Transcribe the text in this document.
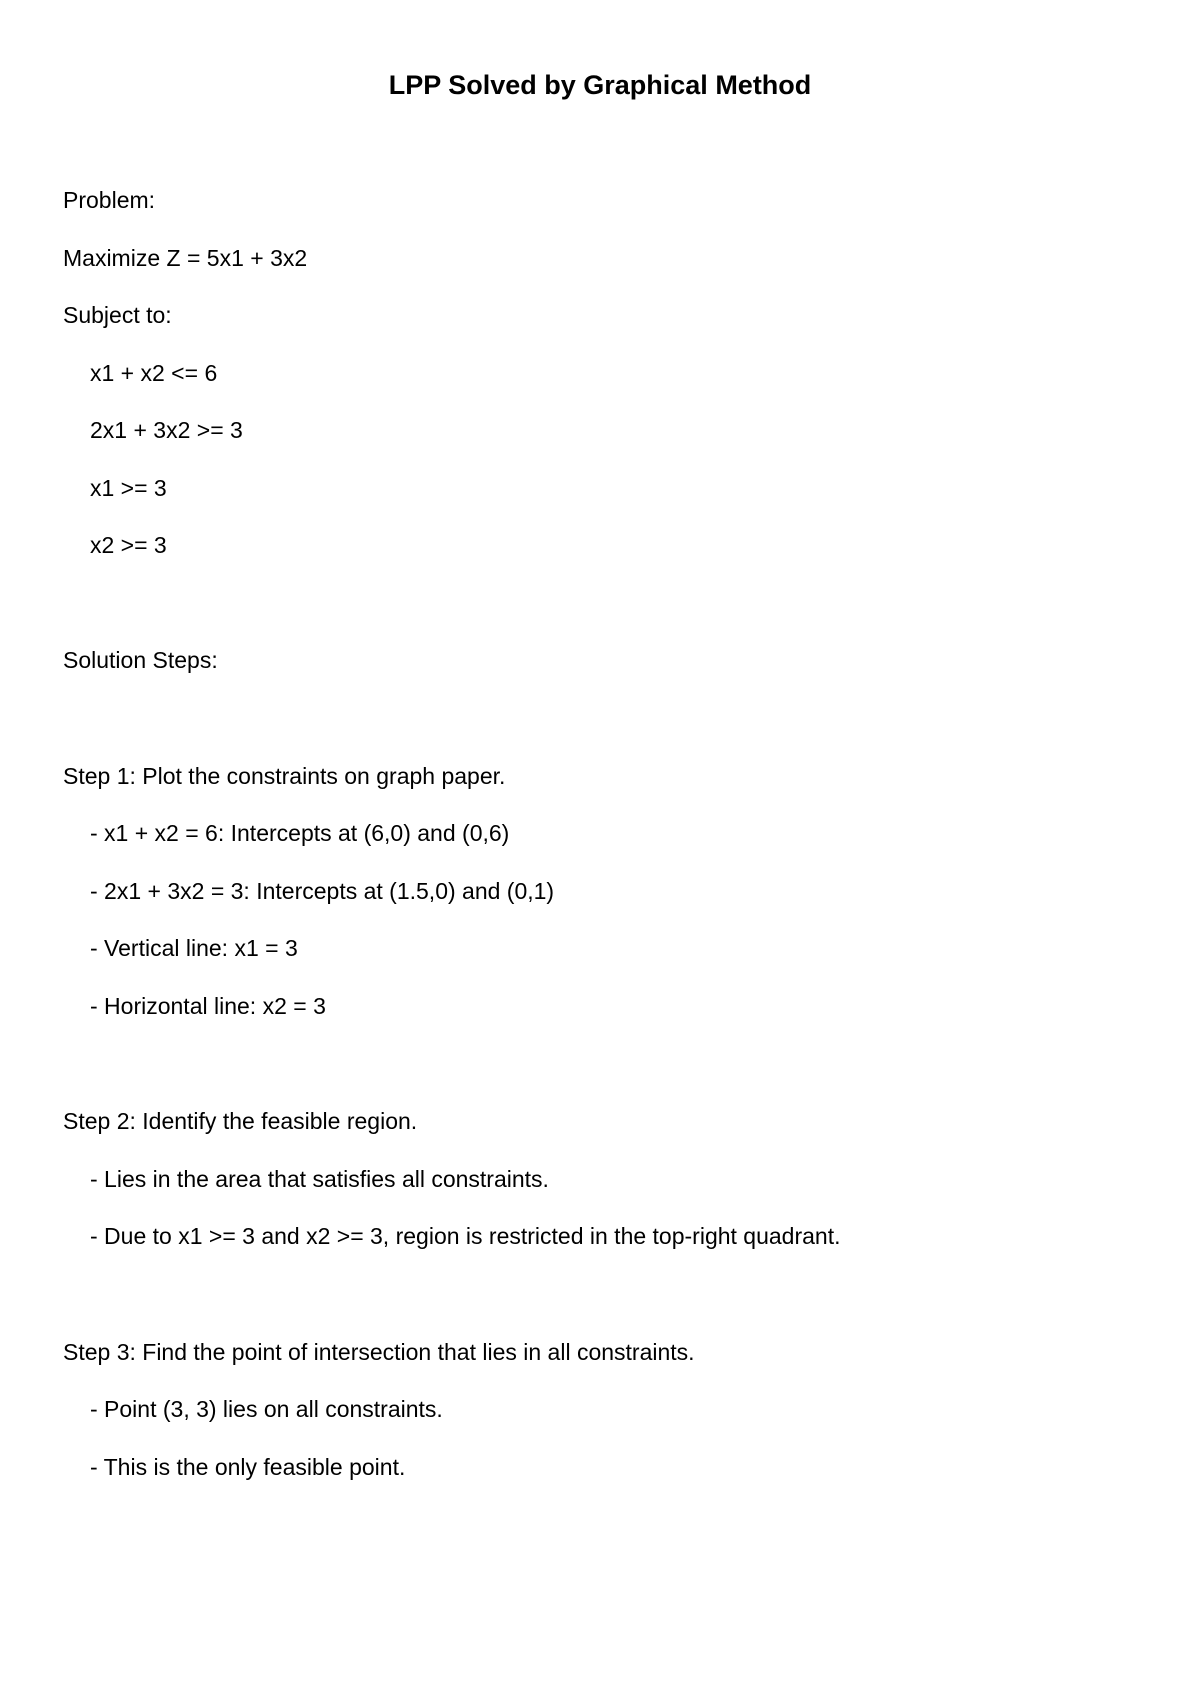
LPP Solved by Graphical Method

Problem:

Maximize Z = 5x1 + 3x2

Subject to:

x1 + x2 <= 6

2x1 + 3x2 >= 3

x1 >= 3

x2 >= 3

Solution Steps:

Step 1: Plot the constraints on graph paper.

- x1 + x2 = 6: Intercepts at (6,0) and (0,6)

- 2x1 + 3x2 = 3: Intercepts at (1.5,0) and (0,1)

- Vertical line: x1 = 3

- Horizontal line: x2 = 3

Step 2: Identify the feasible region.

- Lies in the area that satisfies all constraints.

- Due to x1 >= 3 and x2 >= 3, region is restricted in the top-right quadrant.

Step 3: Find the point of intersection that lies in all constraints.

- Point (3, 3) lies on all constraints.

- This is the only feasible point.
